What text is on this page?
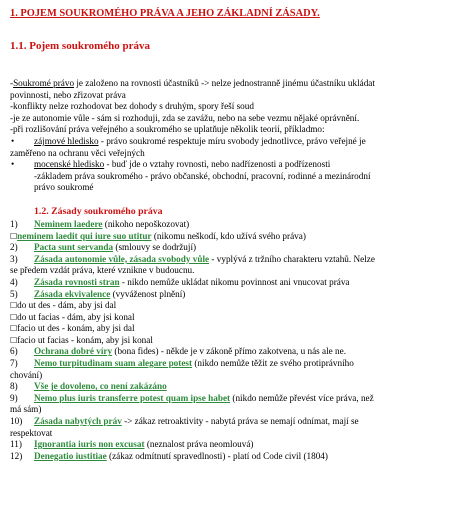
1. POJEM SOUKROMÉHO PRÁVA A JEHO ZÁKLADNÍ ZÁSADY.
1.1. Pojem soukromého práva
-Soukromé právo je založeno na rovnosti účastníků -> nelze jednostranně jinému účastníku ukládat
povinnosti, nebo zřizovat práva
-konflikty nelze rozhodovat bez dohody s druhým, spory řeší soud
-je ze autonomie vůle - sám si rozhoduji, zda se zavážu, nebo na sebe vezmu nějaké oprávnění.
-při rozlišování práva veřejného a soukromého se uplatňuje několik teorií, příkladmo:
• zájmové hledisko - právo soukromé respektuje míru svobody jednotlivce, právo veřejné je
zaměřeno na ochranu věci veřejných
• mocenské hledisko - buď jde o vztahy rovnosti, nebo nadřízenosti a podřízenosti
-základem práva soukromého - právo občanské, obchodní, pracovní, rodinné a mezinárodní
právo soukromé
1.2. Zásady soukromého práva
1) Neminem laedere (nikoho nepoškozovat)
☐neminem laedit qui iure suo utitur (nikomu neškodí, kdo užívá svého práva)
2) Pacta sunt servanda (smlouvy se dodržují)
3) Zásada autonomie vůle, zásada svobody vůle - vyplývá z tržního charakteru vztahů. Nelze
se předem vzdát práva, které vznikne v budoucnu.
4) Zásada rovnosti stran - nikdo nemůže ukládat nikomu povinnost ani vnucovat práva
5) Zásada ekvivalence (vyváženost plnění)
☐do ut des - dám, aby jsi dal
☐do ut facias - dám, aby jsi konal
☐facio ut des - konám, aby jsi dal
☐facio ut facias - konám, aby jsi konal
6) Ochrana dobré víry (bona fides) - někde je v zákoně přímo zakotvena, u nás ale ne.
7) Nemo turpitudinam suam alegare potest (nikdo nemůže těžit ze svého protiprávního
chování)
8) Vše je dovoleno, co není zakázáno
9) Nemo plus iuris transferre potest quam ipse habet (nikdo nemůže převést více práva, než
má sám)
10) Zásada nabytých práv -> zákaz retroaktivity - nabytá práva se nemají odnímat, mají se
respektovat
11) Ignorantia iuris non excusat (neznalost práva neomlouvá)
12) Denegatio iustitiae (zákaz odmítnutí spravedlnosti) - platí od Code civil (1804)
